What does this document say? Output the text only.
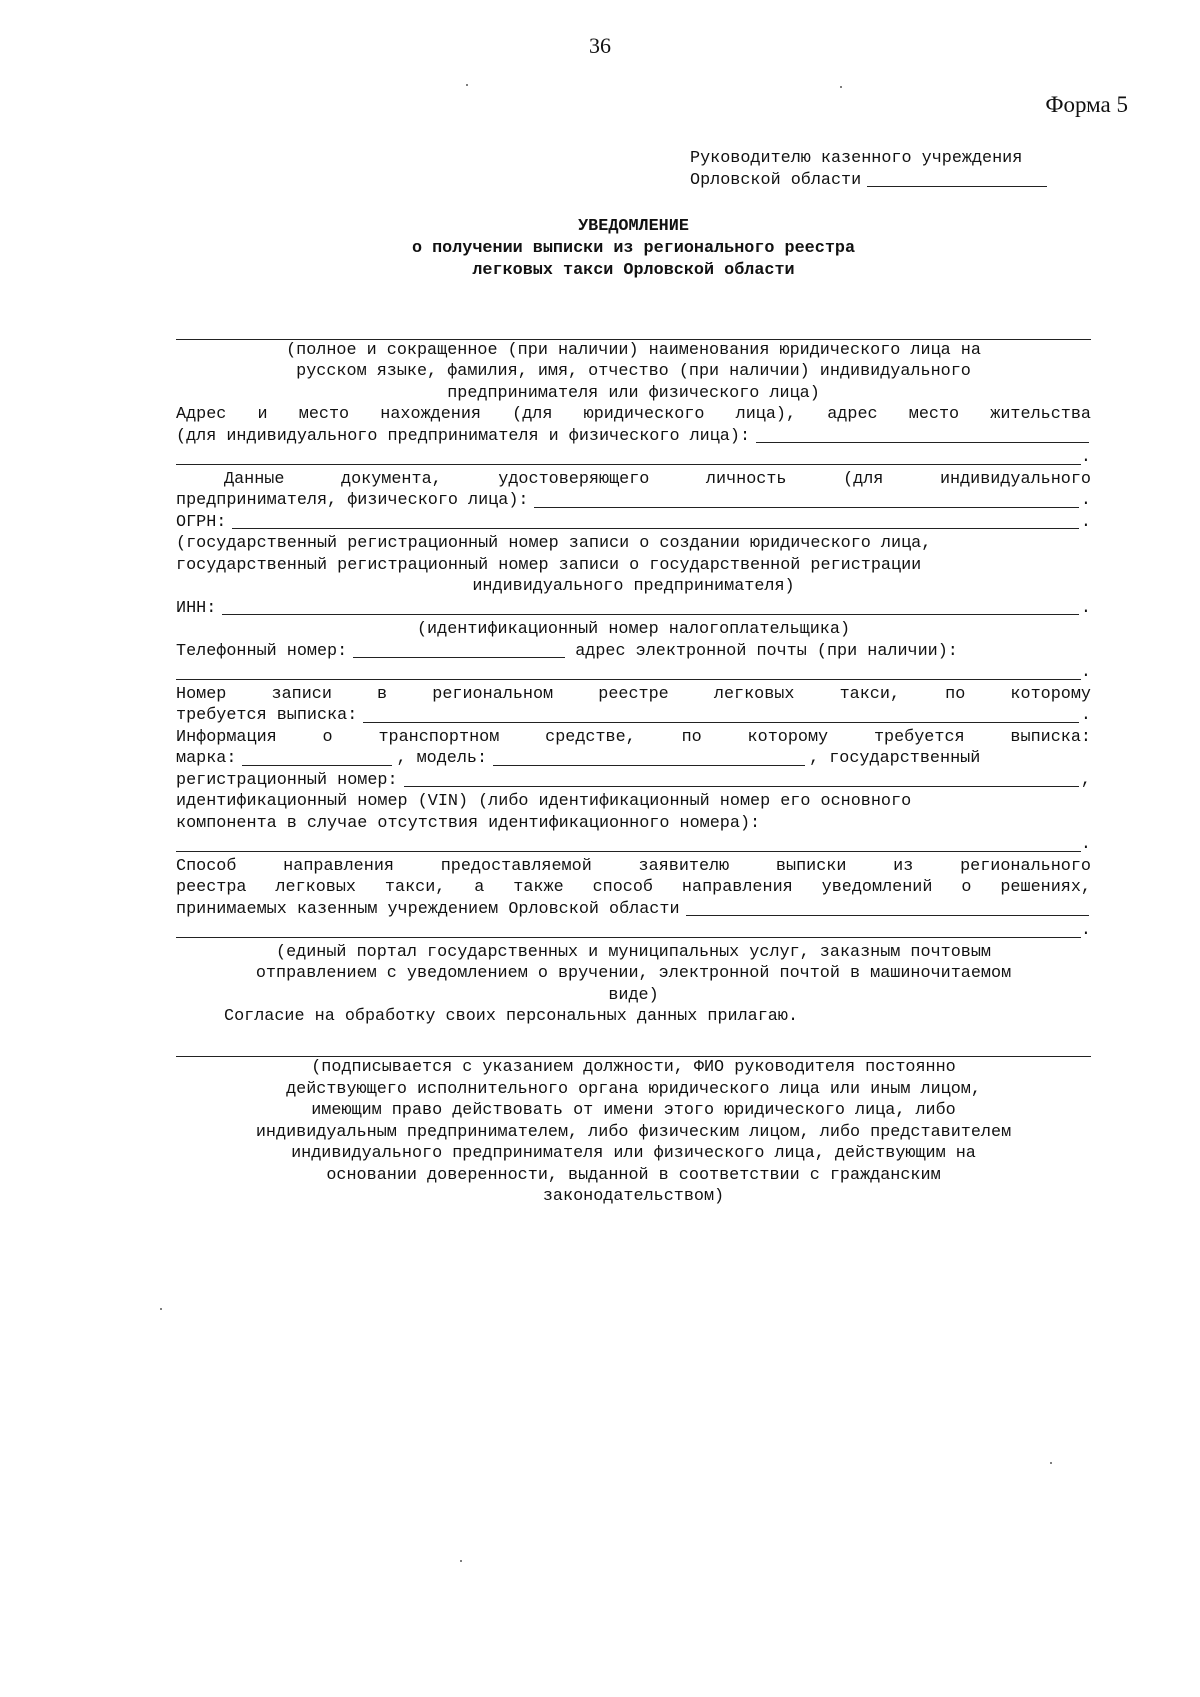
36
Форма 5
Руководителю казенного учреждения
Орловской области
УВЕДОМЛЕНИЕ
о получении выписки из регионального реестра
легковых такси Орловской области
(полное и сокращенное (при наличии) наименования юридического лица на
русском языке, фамилия, имя, отчество (при наличии) индивидуального
предпринимателя или физического лица)
Адрес и место нахождения (для юридического лица), адрес место жительства
(для индивидуального предпринимателя и физического лица):
.
Данные документа, удостоверяющего личность (для индивидуального
предпринимателя, физического лица):	.
ОГРН:	.
(государственный регистрационный номер записи о создании юридического лица,
государственный регистрационный номер записи о государственной регистрации
индивидуального предпринимателя)
ИНН:	.
(идентификационный номер налогоплательщика)
Телефонный номер:	адрес электронной почты (при наличии):
.
Номер записи в региональном реестре легковых такси, по которому
требуется выписка:	.
Информация о транспортном средстве, по которому требуется выписка:
марка:	, модель:	, государственный
регистрационный номер:	,
идентификационный номер (VIN) (либо идентификационный номер его основного
компонента в случае отсутствия идентификационного номера):
.
Способ направления предоставляемой заявителю выписки из регионального
реестра легковых такси, а также способ направления уведомлений о решениях,
принимаемых казенным учреждением Орловской области
.
(единый портал государственных и муниципальных услуг, заказным почтовым
отправлением с уведомлением о вручении, электронной почтой в машиночитаемом
виде)
Согласие на обработку своих персональных данных прилагаю.
(подписывается с указанием должности, ФИО руководителя постоянно
действующего исполнительного органа юридического лица или иным лицом,
имеющим право действовать от имени этого юридического лица, либо
индивидуальным предпринимателем, либо физическим лицом, либо представителем
индивидуального предпринимателя или физического лица, действующим на
основании доверенности, выданной в соответствии с гражданским
законодательством)
